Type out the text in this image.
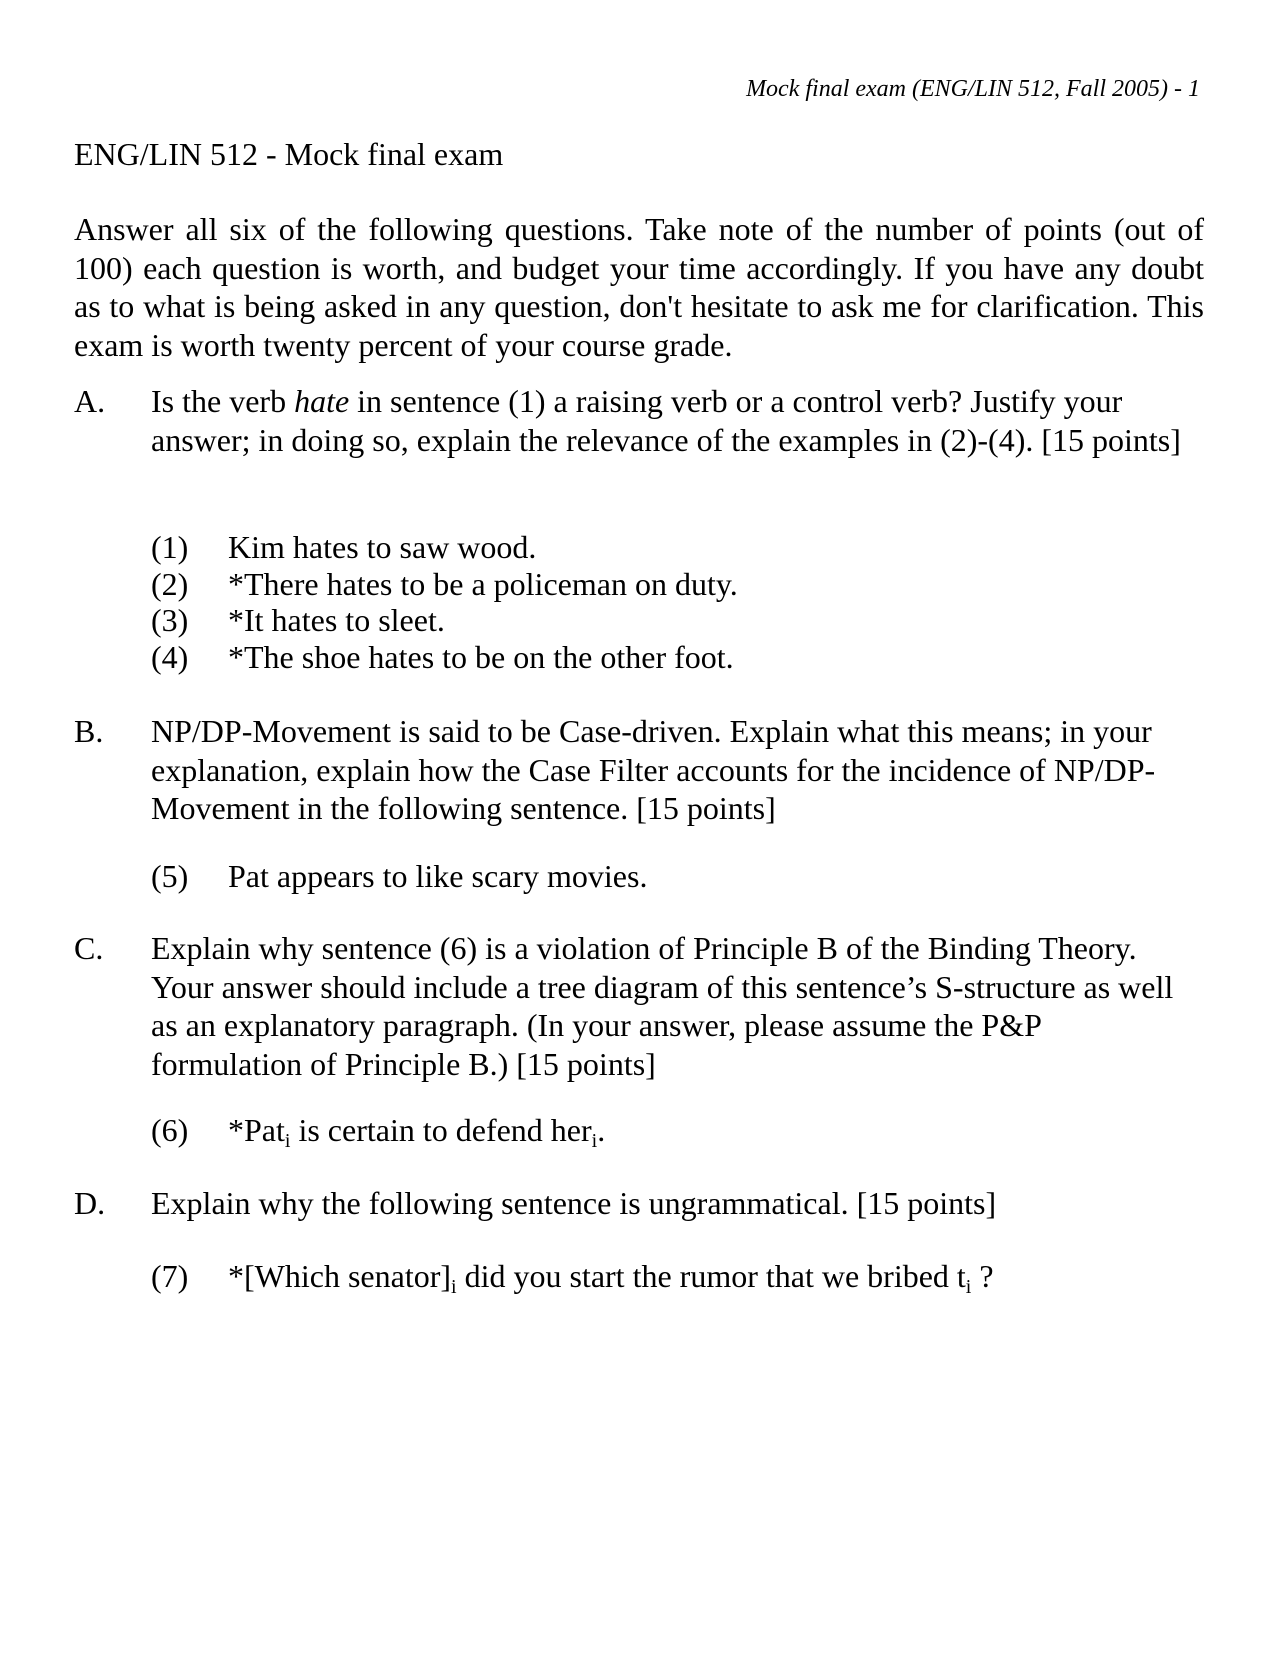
Mock final exam (ENG/LIN 512, Fall 2005) - 1
ENG/LIN 512 - Mock final exam

Answer all six of the following questions. Take note of the number of points (out of 100) each question is worth, and budget your time accordingly. If you have any doubt as to what is being asked in any question, don't hesitate to ask me for clarification. This exam is worth twenty percent of your course grade.

A. Is the verb hate in sentence (1) a raising verb or a control verb? Justify your answer; in doing so, explain the relevance of the examples in (2)-(4). [15 points]

(1) Kim hates to saw wood.
(2) *There hates to be a policeman on duty.
(3) *It hates to sleet.
(4) *The shoe hates to be on the other foot.
B. NP/DP-Movement is said to be Case-driven. Explain what this means; in your explanation, explain how the Case Filter accounts for the incidence of NP/DP-Movement in the following sentence. [15 points]

(5) Pat appears to like scary movies.
C. Explain why sentence (6) is a violation of Principle B of the Binding Theory. Your answer should include a tree diagram of this sentence’s S-structure as well as an explanatory paragraph. (In your answer, please assume the P&P formulation of Principle B.) [15 points]

(6) *Pat$_i$ is certain to defend her$_i$.
D. Explain why the following sentence is ungrammatical. [15 points]

(7) *[Which $senator]_i$ did you start the rumor that we bribed $t_i$ ?
